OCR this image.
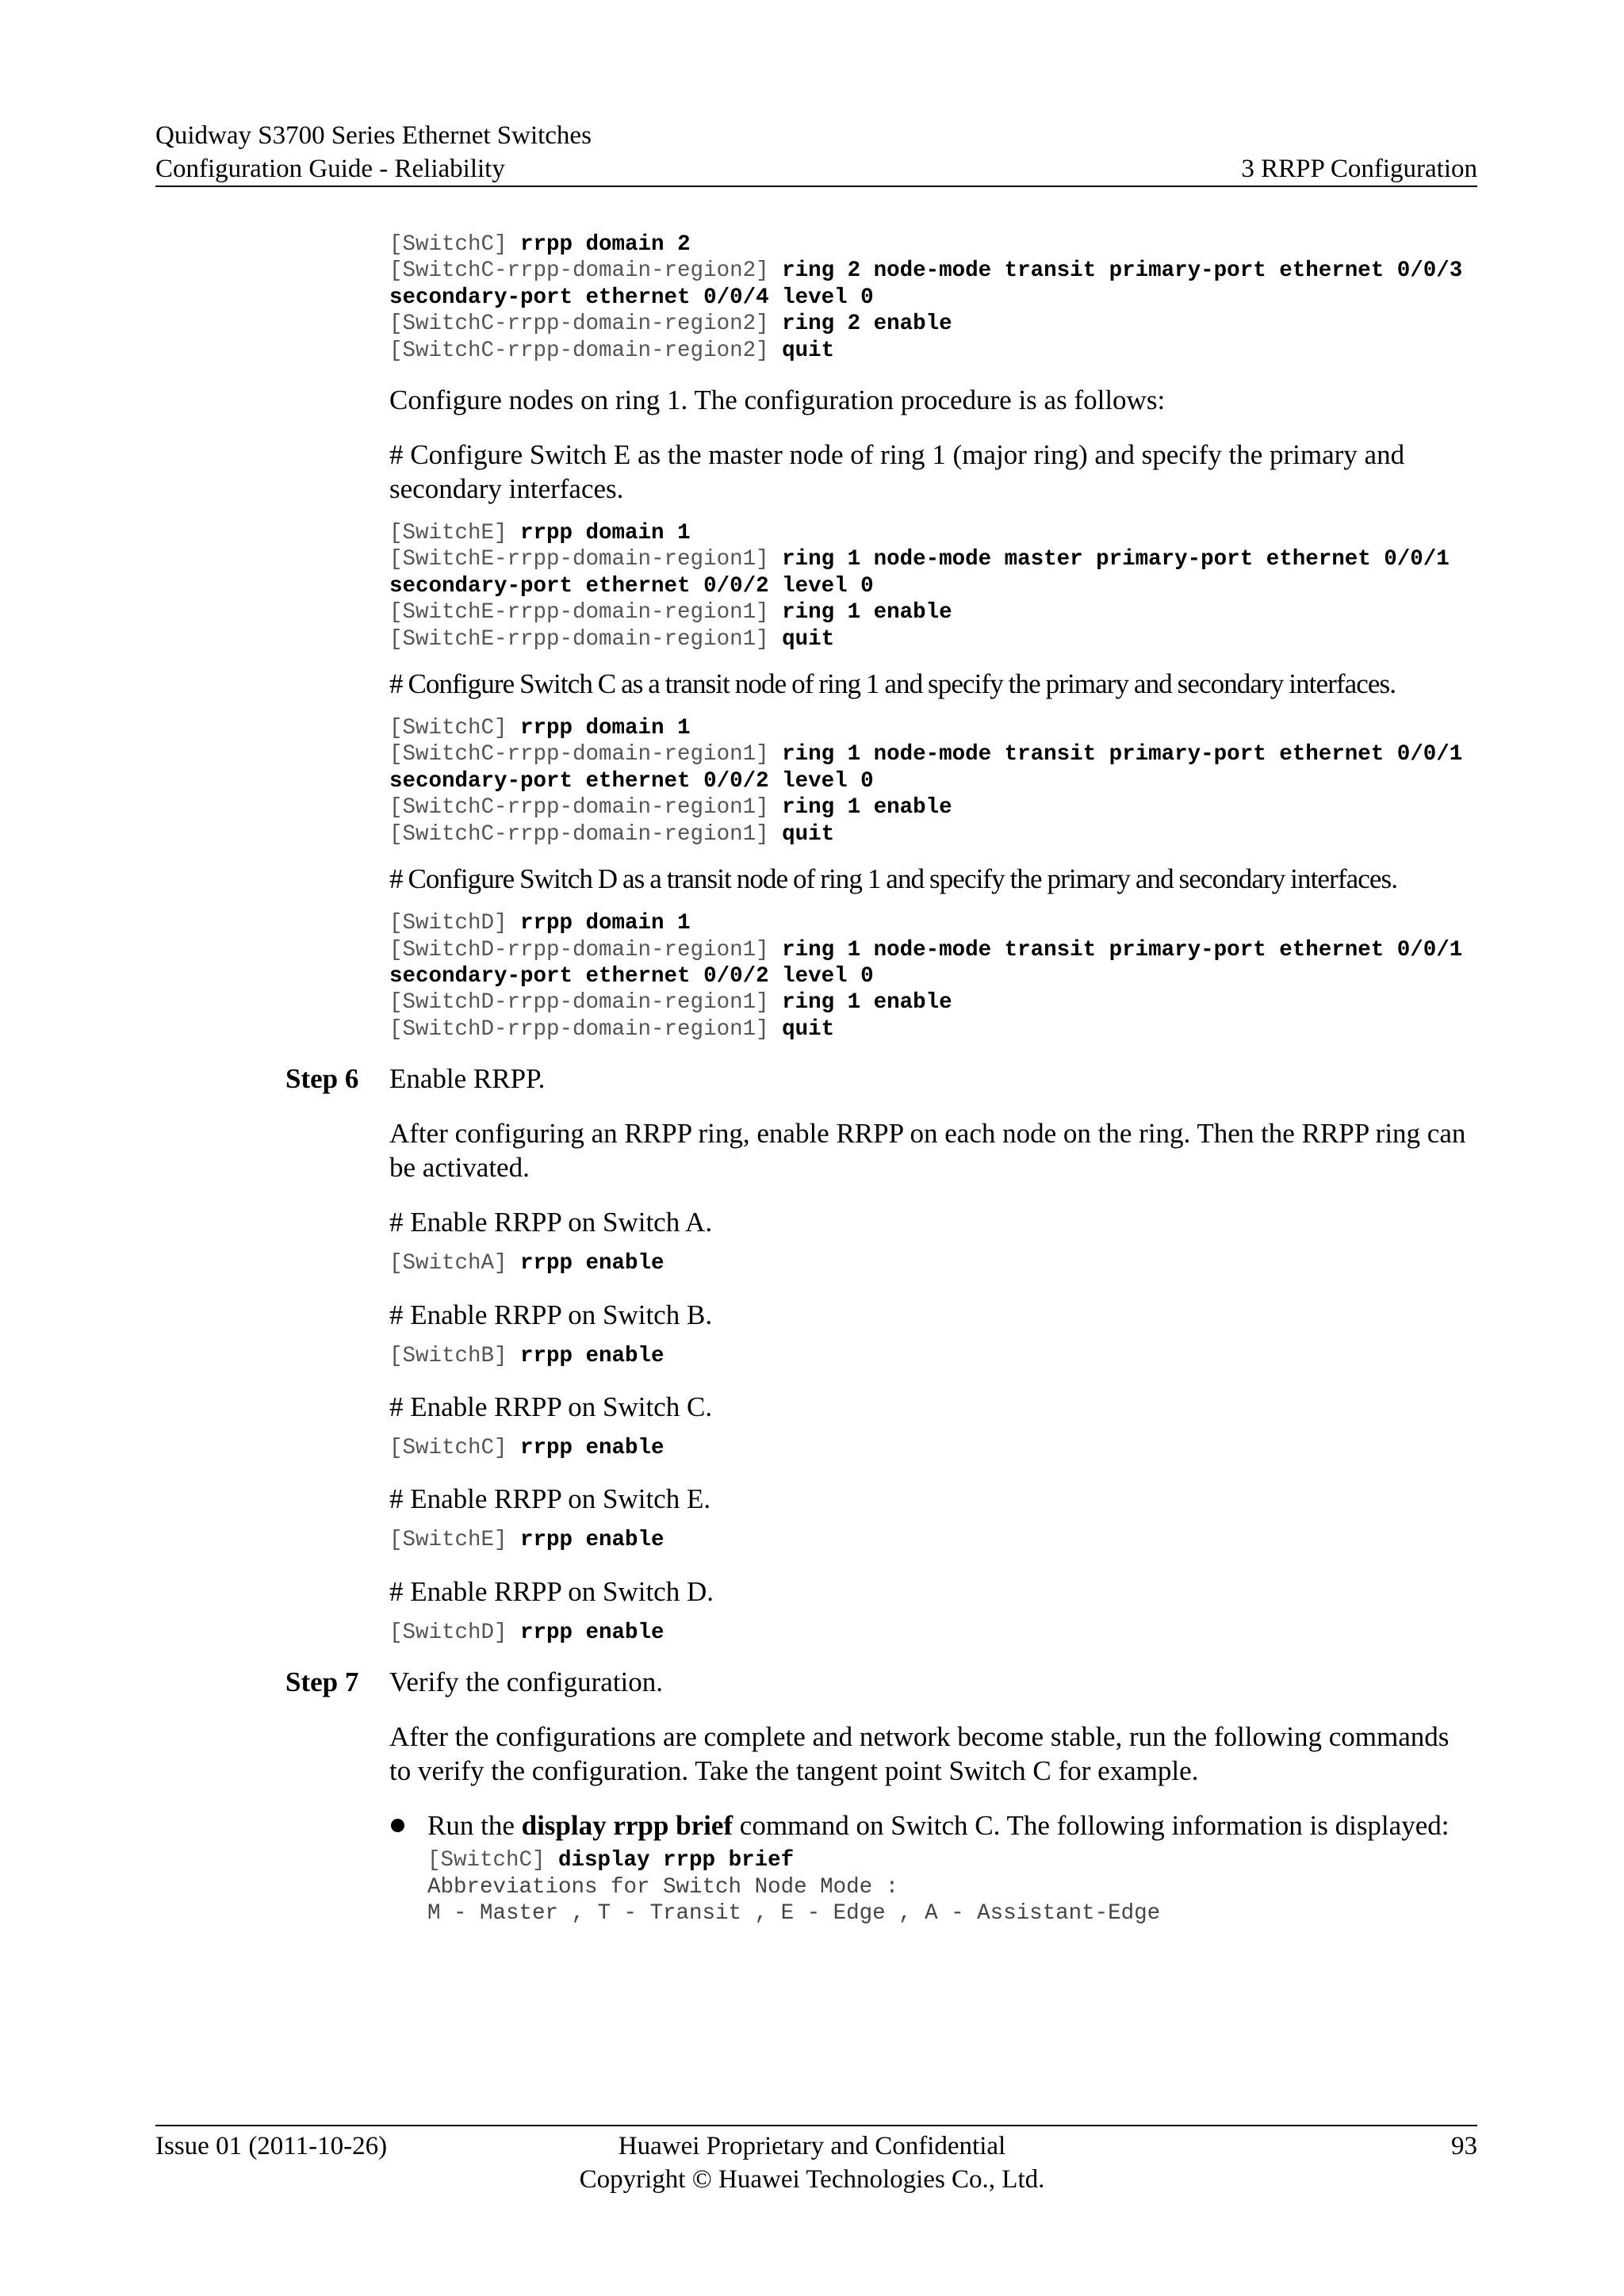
Quidway S3700 Series Ethernet Switches
Configuration Guide - Reliability	3 RRPP Configuration
[SwitchC] rrpp domain 2
[SwitchC-rrpp-domain-region2] ring 2 node-mode transit primary-port ethernet 0/0/3
secondary-port ethernet 0/0/4 level 0
[SwitchC-rrpp-domain-region2] ring 2 enable
[SwitchC-rrpp-domain-region2] quit

Configure nodes on ring 1. The configuration procedure is as follows:

# Configure Switch E as the master node of ring 1 (major ring) and specify the primary and secondary interfaces.

[SwitchE] rrpp domain 1
[SwitchE-rrpp-domain-region1] ring 1 node-mode master primary-port ethernet 0/0/1
secondary-port ethernet 0/0/2 level 0
[SwitchE-rrpp-domain-region1] ring 1 enable
[SwitchE-rrpp-domain-region1] quit

# Configure Switch C as a transit node of ring 1 and specify the primary and secondary interfaces.

[SwitchC] rrpp domain 1
[SwitchC-rrpp-domain-region1] ring 1 node-mode transit primary-port ethernet 0/0/1
secondary-port ethernet 0/0/2 level 0
[SwitchC-rrpp-domain-region1] ring 1 enable
[SwitchC-rrpp-domain-region1] quit

# Configure Switch D as a transit node of ring 1 and specify the primary and secondary interfaces.

[SwitchD] rrpp domain 1
[SwitchD-rrpp-domain-region1] ring 1 node-mode transit primary-port ethernet 0/0/1
secondary-port ethernet 0/0/2 level 0
[SwitchD-rrpp-domain-region1] ring 1 enable
[SwitchD-rrpp-domain-region1] quit
Step 6 Enable RRPP.

After configuring an RRPP ring, enable RRPP on each node on the ring. Then the RRPP ring can be activated.

# Enable RRPP on Switch A.

[SwitchA] rrpp enable

# Enable RRPP on Switch B.

[SwitchB] rrpp enable

# Enable RRPP on Switch C.

[SwitchC] rrpp enable

# Enable RRPP on Switch E.

[SwitchE] rrpp enable

# Enable RRPP on Switch D.

[SwitchD] rrpp enable
Step 7 Verify the configuration.

After the configurations are complete and network become stable, run the following commands to verify the configuration. Take the tangent point Switch C for example.

Run the display rrpp brief command on Switch C. The following information is displayed:

[SwitchC] display rrpp brief
Abbreviations for Switch Node Mode :
M - Master , T - Transit , E - Edge , A - Assistant-Edge
Issue 01 (2011-10-26)	Huawei Proprietary and Confidential
Copyright © Huawei Technologies Co., Ltd.
93
